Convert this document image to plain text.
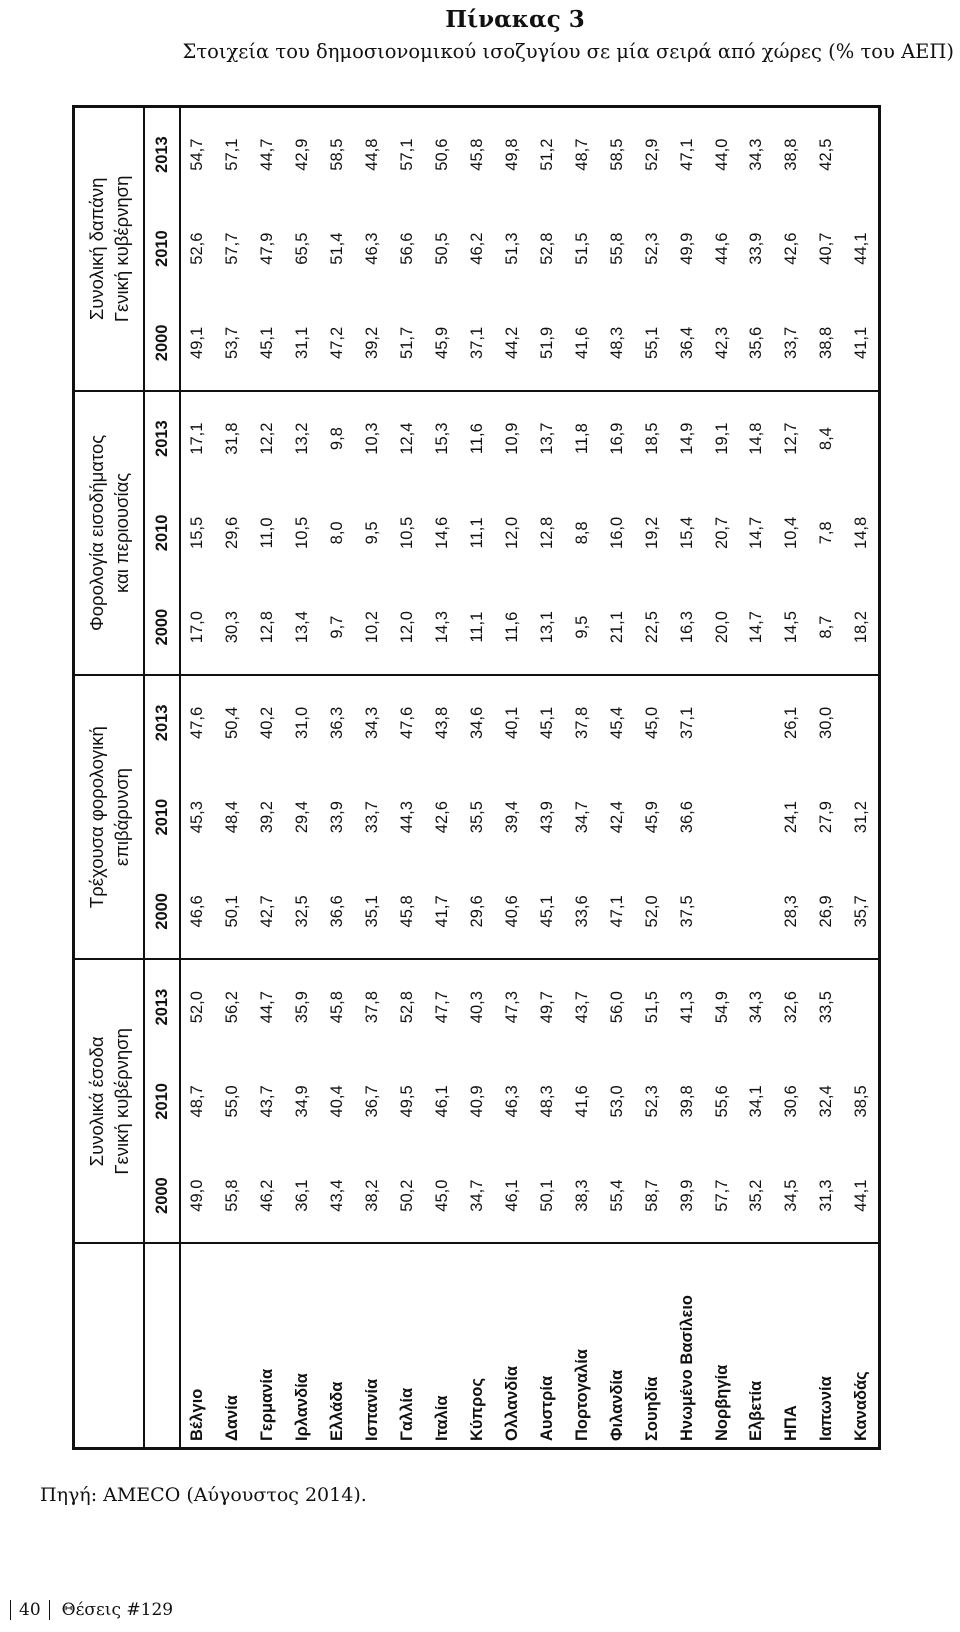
Πίνακας 3
Στοιχεία του δημοσιονομικού ισοζυγίου σε μία σειρά από χώρες (% του ΑΕΠ)
	Συνολικά έσοδα Γενική κυβέρνηση			Τρέχουσα φορολογική επιβάρυνση			Φορολογία εισοδήματος και περιουσίας			Συνολική δαπάνη Γενική κυβέρνηση		
	2000	2010	2013	2000	2010	2013	2000	2010	2013	2000	2010	2013
Βέλγιο	49,0	48,7	52,0	46,6	45,3	47,6	17,0	15,5	17,1	49,1	52,6	54,7
Δανία	55,8	55,0	56,2	50,1	48,4	50,4	30,3	29,6	31,8	53,7	57,7	57,1
Γερμανία	46,2	43,7	44,7	42,7	39,2	40,2	12,8	11,0	12,2	45,1	47,9	44,7
Ιρλανδία	36,1	34,9	35,9	32,5	29,4	31,0	13,4	10,5	13,2	31,1	65,5	42,9
Ελλάδα	43,4	40,4	45,8	36,6	33,9	36,3	9,7	8,0	9,8	47,2	51,4	58,5
Ισπανία	38,2	36,7	37,8	35,1	33,7	34,3	10,2	9,5	10,3	39,2	46,3	44,8
Γαλλία	50,2	49,5	52,8	45,8	44,3	47,6	12,0	10,5	12,4	51,7	56,6	57,1
Ιταλία	45,0	46,1	47,7	41,7	42,6	43,8	14,3	14,6	15,3	45,9	50,5	50,6
Κύπρος	34,7	40,9	40,3	29,6	35,5	34,6	11,1	11,1	11,6	37,1	46,2	45,8
Ολλανδία	46,1	46,3	47,3	40,6	39,4	40,1	11,6	12,0	10,9	44,2	51,3	49,8
Αυστρία	50,1	48,3	49,7	45,1	43,9	45,1	13,1	12,8	13,7	51,9	52,8	51,2
Πορτογαλία	38,3	41,6	43,7	33,6	34,7	37,8	9,5	8,8	11,8	41,6	51,5	48,7
Φιλανδία	55,4	53,0	56,0	47,1	42,4	45,4	21,1	16,0	16,9	48,3	55,8	58,5
Σουηδία	58,7	52,3	51,5	52,0	45,9	45,0	22,5	19,2	18,5	55,1	52,3	52,9
Ηνωμένο Βασίλειο	39,9	39,8	41,3	37,5	36,6	37,1	16,3	15,4	14,9	36,4	49,9	47,1
Νορβηγία	57,7	55,6	54,9				20,0	20,7	19,1	42,3	44,6	44,0
Ελβετία	35,2	34,1	34,3				14,7	14,7	14,8	35,6	33,9	34,3
ΗΠΑ	34,5	30,6	32,6	28,3	24,1	26,1	14,5	10,4	12,7	33,7	42,6	38,8
Ιαπωνία	31,3	32,4	33,5	26,9	27,9	30,0	8,7	7,8	8,4	38,8	40,7	42,5
Καναδάς	44,1	38,5		35,7	31,2		18,2	14,8		41,1	44,1	
Πηγή: AMECO (Αύγουστος 2014).
40 Θέσεις #129
